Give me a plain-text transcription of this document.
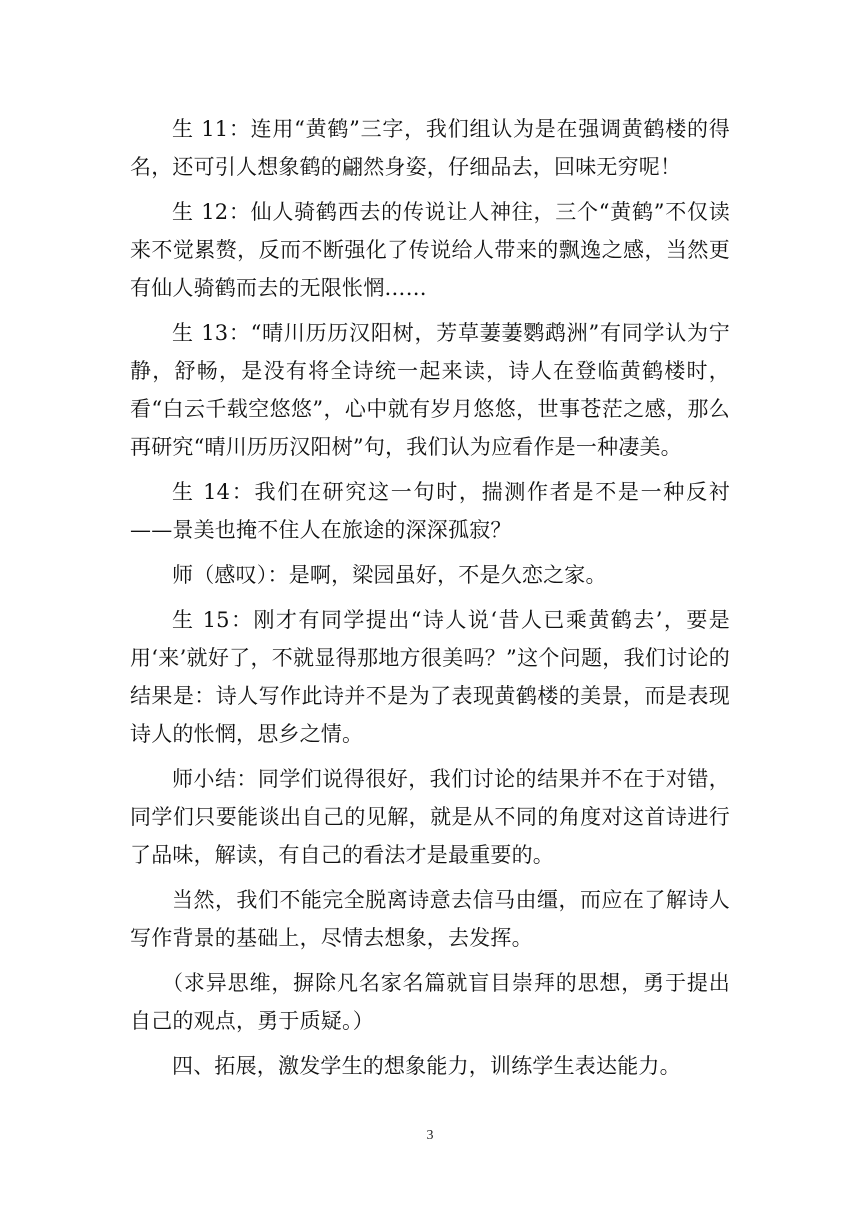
生 11：连用“黄鹤”三字，我们组认为是在强调黄鹤楼的得名，还可引人想象鹤的翩然身姿，仔细品去，回味无穷呢！

生 12：仙人骑鹤西去的传说让人神往，三个“黄鹤”不仅读来不觉累赘，反而不断强化了传说给人带来的飘逸之感，当然更有仙人骑鹤而去的无限怅惘……

生 13：“晴川历历汉阳树，芳草萋萋鹦鹉洲”有同学认为宁静，舒畅，是没有将全诗统一起来读，诗人在登临黄鹤楼时，看“白云千载空悠悠”，心中就有岁月悠悠，世事苍茫之感，那么再研究“晴川历历汉阳树”句，我们认为应看作是一种凄美。

生 14：我们在研究这一句时，揣测作者是不是一种反衬——景美也掩不住人在旅途的深深孤寂？

师（感叹）：是啊，梁园虽好，不是久恋之家。

生 15：刚才有同学提出“诗人说‘昔人已乘黄鹤去’，要是用‘来’就好了，不就显得那地方很美吗？”这个问题，我们讨论的结果是：诗人写作此诗并不是为了表现黄鹤楼的美景，而是表现诗人的怅惘，思乡之情。

师小结：同学们说得很好，我们讨论的结果并不在于对错，同学们只要能谈出自己的见解，就是从不同的角度对这首诗进行了品味，解读，有自己的看法才是最重要的。

当然，我们不能完全脱离诗意去信马由缰，而应在了解诗人写作背景的基础上，尽情去想象，去发挥。

（求异思维，摒除凡名家名篇就盲目崇拜的思想，勇于提出自己的观点，勇于质疑。）

四、拓展，激发学生的想象能力，训练学生表达能力。

3
